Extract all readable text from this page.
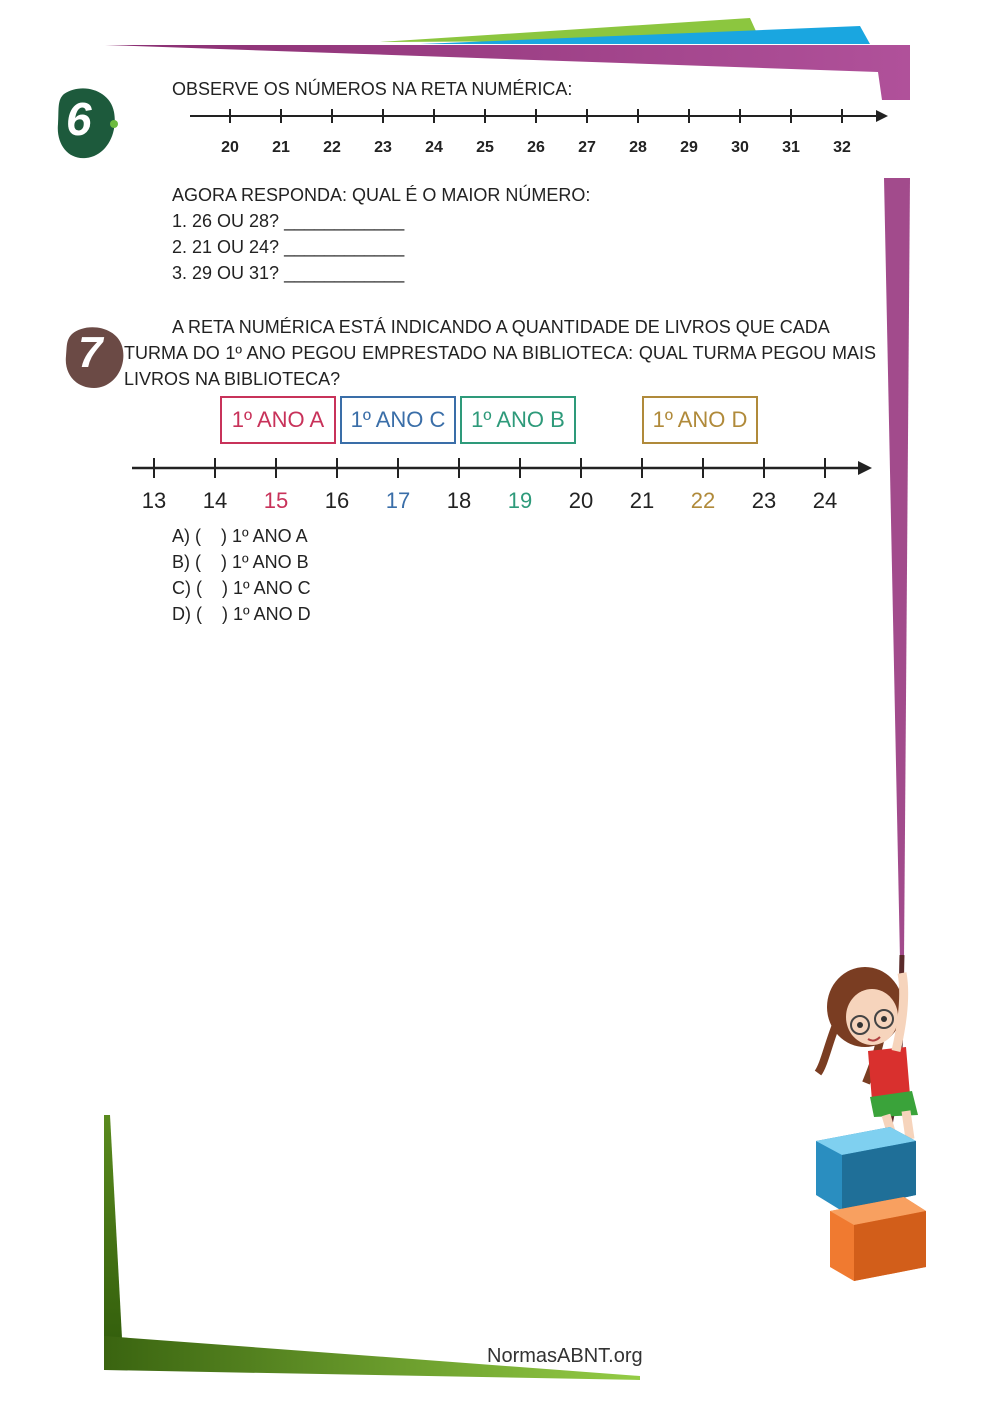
6
OBSERVE OS NÚMEROS NA RETA NUMÉRICA:
20 21 22 23 24 25 26 27 28 29 30 31 32
AGORA RESPONDA: QUAL É O MAIOR NÚMERO:
1. 26 OU 28? ____________
2. 21 OU 24? ____________
3. 29 OU 31? ____________
7
A RETA NUMÉRICA ESTÁ INDICANDO A QUANTIDADE DE LIVROS QUE CADA
TURMA DO 1º ANO PEGOU EMPRESTADO NA BIBLIOTECA: QUAL TURMA PEGOU MAIS LIVROS NA BIBLIOTECA?
1º ANO A	1º ANO C	1º ANO B	1º ANO D
13 14 15 16 17 18 19 20 21 22 23 24
A) (    ) 1º ANO A
B) (    ) 1º ANO B
C) (    ) 1º ANO C
D) (    ) 1º ANO D
NormasABNT.org
